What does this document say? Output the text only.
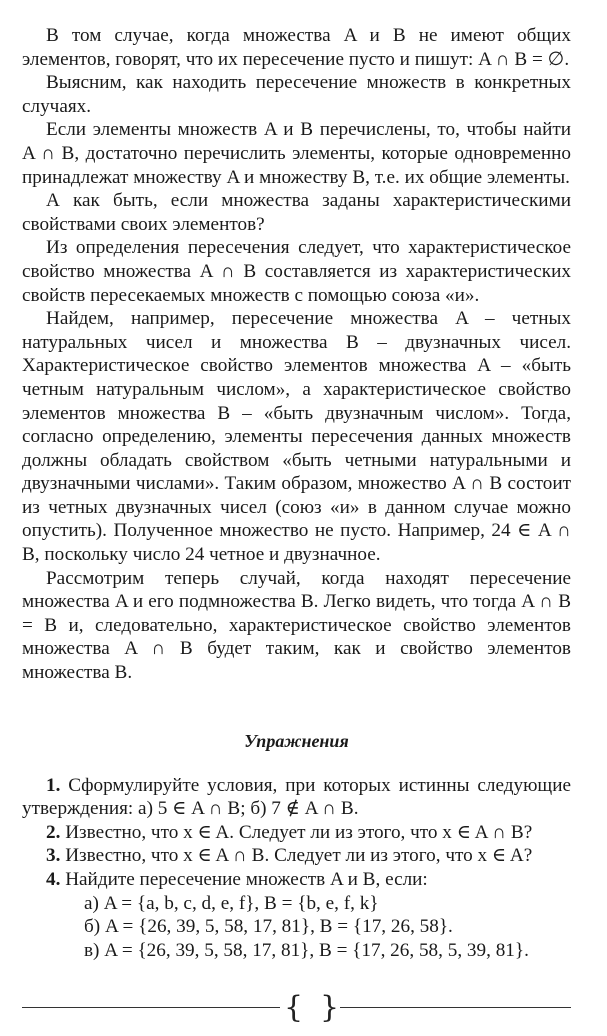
В том случае, когда множества A и B не имеют общих элементов, говорят, что их пересечение пусто и пишут: A ∩ B = ∅.

Выясним, как находить пересечение множеств в конкретных случаях.

Если элементы множеств A и B перечислены, то, чтобы найти A ∩ B, достаточно перечислить элементы, которые одновременно принадлежат множеству A и множеству B, т.е. их общие элементы.

А как быть, если множества заданы характеристическими свойствами своих элементов?

Из определения пересечения следует, что характеристическое свойство множества A ∩ B составляется из характеристических свойств пересекаемых множеств с помощью союза «и».

Найдем, например, пересечение множества A – четных натуральных чисел и множества B – двузначных чисел. Характеристическое свойство элементов множества A – «быть четным натуральным числом», а характеристическое свойство элементов множества B – «быть двузначным числом». Тогда, согласно определению, элементы пересечения данных множеств должны обладать свойством «быть четными натуральными и двузначными числами». Таким образом, множество A ∩ B состоит из четных двузначных чисел (союз «и» в данном случае можно опустить). Полученное множество не пусто. Например, 24 ∈ A ∩ B, поскольку число 24 четное и двузначное.

Рассмотрим теперь случай, когда находят пересечение множества A и его подмножества B. Легко видеть, что тогда A ∩ B = B и, следовательно, характеристическое свойство элементов множества A ∩ B будет таким, как и свойство элементов множества B.

Упражнения

1. Сформулируйте условия, при которых истинны следующие утверждения: а) 5 ∈ A ∩ B; б) 7 ∉ A ∩ B.

2. Известно, что x ∈ A. Следует ли из этого, что x ∈ A ∩ B?

3. Известно, что x ∈ A ∩ B. Следует ли из этого, что x ∈ A?

4. Найдите пересечение множеств A и B, если:

а) A = {a, b, c, d, e, f}, B = {b, e, f, k}

б) A = {26, 39, 5, 58, 17, 81}, B = {17, 26, 58}.

в) A = {26, 39, 5, 58, 17, 81}, B = {17, 26, 58, 5, 39, 81}.

{ }
